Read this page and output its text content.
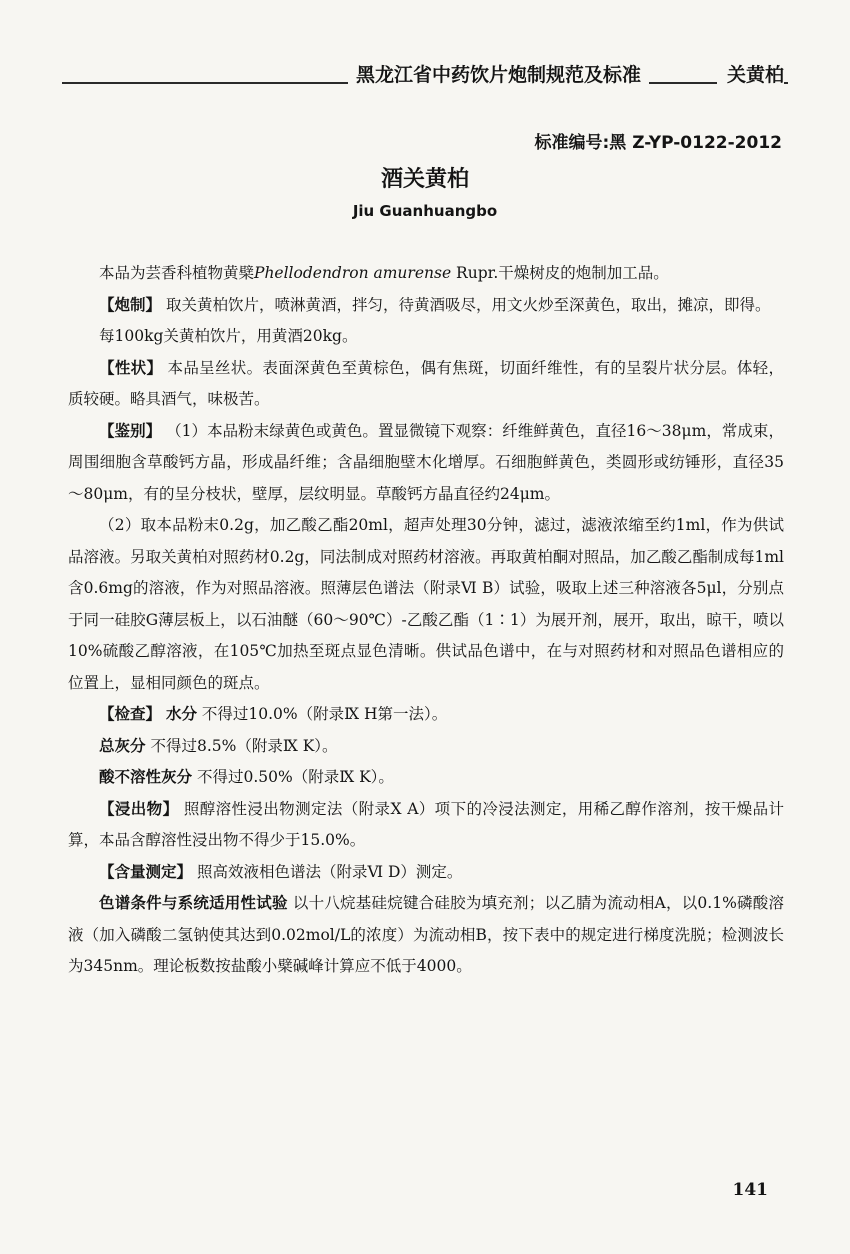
黑龙江省中药饮片炮制规范及标准	关黄柏
标准编号:黑 Z-YP-0122-2012
酒关黄柏
Jiu Guanhuangbo

本品为芸香科植物黄檗Phellodendron amurense Rupr.干燥树皮的炮制加工品。

【炮制】 取关黄柏饮片，喷淋黄酒，拌匀，待黄酒吸尽，用文火炒至深黄色，取出，摊凉，即得。

每100kg关黄柏饮片，用黄酒20kg。

【性状】 本品呈丝状。表面深黄色至黄棕色，偶有焦斑，切面纤维性，有的呈裂片状分层。体轻，质较硬。略具酒气，味极苦。

【鉴别】 （1）本品粉末绿黄色或黄色。置显微镜下观察：纤维鲜黄色，直径16～38μm，常成束，周围细胞含草酸钙方晶，形成晶纤维；含晶细胞壁木化增厚。石细胞鲜黄色，类圆形或纺锤形，直径35～80μm，有的呈分枝状，壁厚，层纹明显。草酸钙方晶直径约24μm。

（2）取本品粉末0.2g，加乙酸乙酯20ml，超声处理30分钟，滤过，滤液浓缩至约1ml，作为供试品溶液。另取关黄柏对照药材0.2g，同法制成对照药材溶液。再取黄柏酮对照品，加乙酸乙酯制成每1ml含0.6mg的溶液，作为对照品溶液。照薄层色谱法（附录Ⅵ B）试验，吸取上述三种溶液各5μl，分别点于同一硅胶G薄层板上，以石油醚（60～90℃）-乙酸乙酯（1∶1）为展开剂，展开，取出，晾干，喷以10%硫酸乙醇溶液，在105℃加热至斑点显色清晰。供试品色谱中，在与对照药材和对照品色谱相应的位置上，显相同颜色的斑点。

【检查】 水分 不得过10.0%（附录Ⅸ H第一法）。

总灰分 不得过8.5%（附录Ⅸ K）。

酸不溶性灰分 不得过0.50%（附录Ⅸ K）。

【浸出物】 照醇溶性浸出物测定法（附录Ⅹ A）项下的冷浸法测定，用稀乙醇作溶剂，按干燥品计算，本品含醇溶性浸出物不得少于15.0%。

【含量测定】 照高效液相色谱法（附录Ⅵ D）测定。

色谱条件与系统适用性试验 以十八烷基硅烷键合硅胶为填充剂；以乙腈为流动相A，以0.1%磷酸溶液（加入磷酸二氢钠使其达到0.02mol/L的浓度）为流动相B，按下表中的规定进行梯度洗脱；检测波长为345nm。理论板数按盐酸小檗碱峰计算应不低于4000。

141
